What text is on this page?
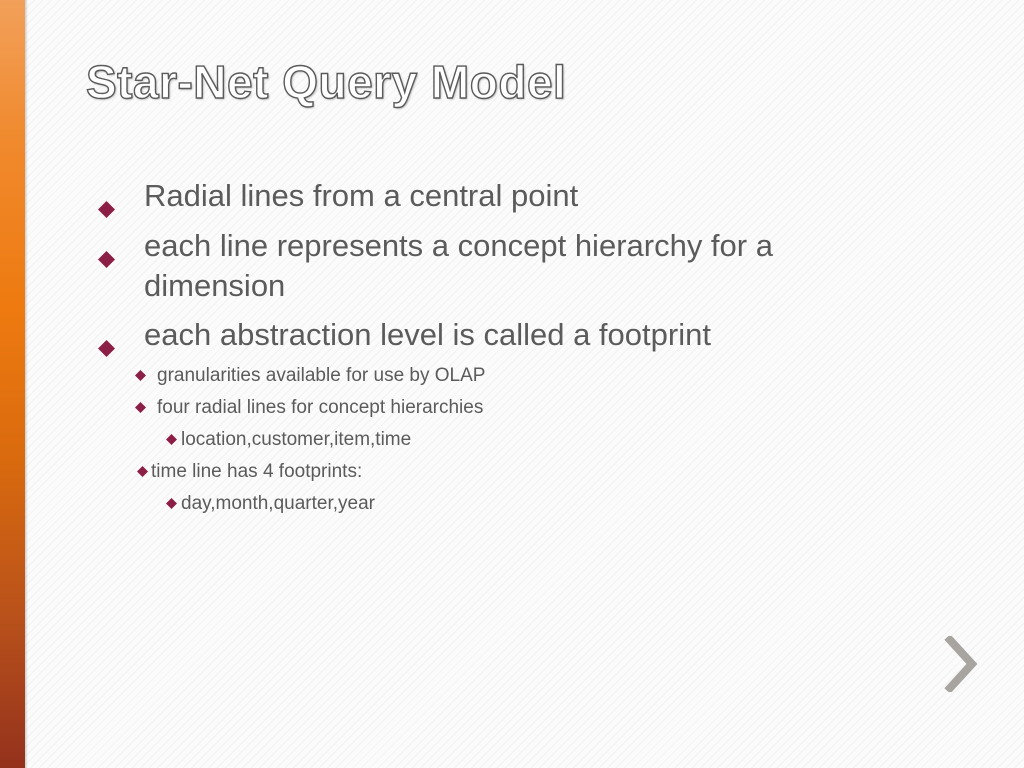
Star-Net Query Model
Radial lines from a central point
each line represents a concept hierarchy for a dimension
each abstraction level is called a footprint
granularities available for use by OLAP
four radial lines for concept hierarchies
location,customer,item,time
time line has 4 footprints:
day,month,quarter,year
